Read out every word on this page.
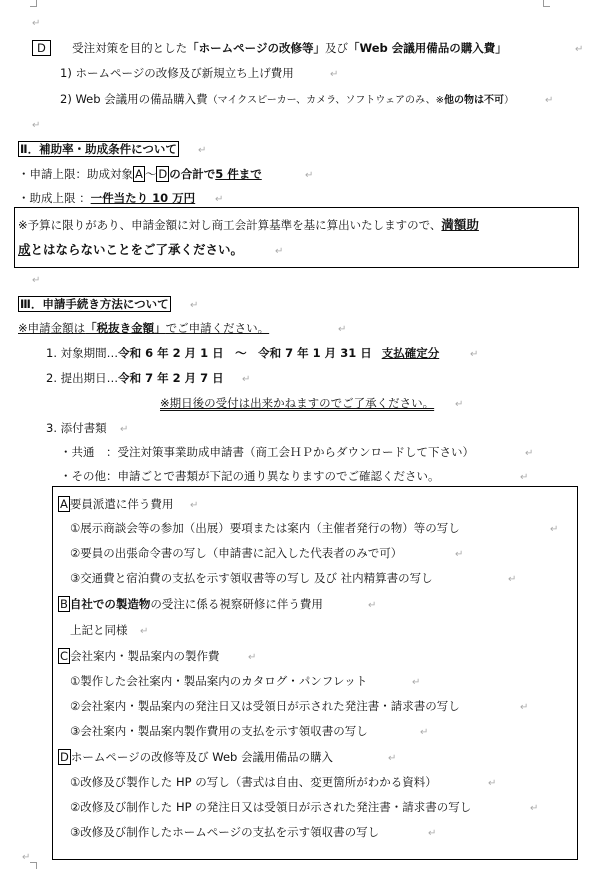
↵
D 受注対策を目的とした「ホームページの改修等」及び「Web 会議用備品の購入費」	↵
1) ホームページの改修及び新規立ち上げ費用	↵
2) Web 会議用の備品購入費（マイクスピーカー、カメラ、ソフトウェアのみ、※他の物は不可）	↵
↵
Ⅱ．補助率・助成条件について ↵
・申請上限：助成対象 A ～ D の合計で5 件まで	↵
・助成上限 ：一件当たり 10 万円 ↵
※予算に限りがあり、申請金額に対し商工会計算基準を基に算出いたしますので、満額助
成とはならないことをご了承ください。	↵
↵
Ⅲ．申請手続き方法について ↵
※申請金額は「税抜き金額」でご申請ください。	↵
1. 対象期間…令和 6 年 2 月 1 日　～　令和 7 年 1 月 31 日 支払確定分	↵
2. 提出期日…令和 7 年 2 月 7 日 ↵
※期日後の受付は出来かねますのでご了承ください。 ↵
3. 添付書類 ↵
・共通　：受注対策事業助成申請書（商工会ＨＰからダウンロードして下さい）	↵
・その他：申請ごとで書類が下記の通り異なりますのでご確認ください。	↵
A 要員派遣に伴う費用 ↵
①展示商談会等の参加（出展）要項または案内（主催者発行の物）等の写し	↵
②要員の出張命令書の写し（申請書に記入した代表者のみで可）	↵
③交通費と宿泊費の支払を示す領収書等の写し 及び 社内精算書の写し	↵
B 自社での製造物の受注に係る視察研修に伴う費用	↵
上記と同様 ↵
C 会社案内・製品案内の製作費	↵
①製作した会社案内・製品案内のカタログ・パンフレット	↵
②会社案内・製品案内の発注日又は受領日が示された発注書・請求書の写し	↵
③会社案内・製品案内製作費用の支払を示す領収書の写し	↵
D ホームページの改修等及び Web 会議用備品の購入	↵
①改修及び製作した HP の写し（書式は自由、変更箇所がわかる資料）	↵
②改修及び制作した HP の発注日又は受領日が示された発注書・請求書の写し	↵
③改修及び制作したホームページの支払を示す領収書の写し	↵
↵
